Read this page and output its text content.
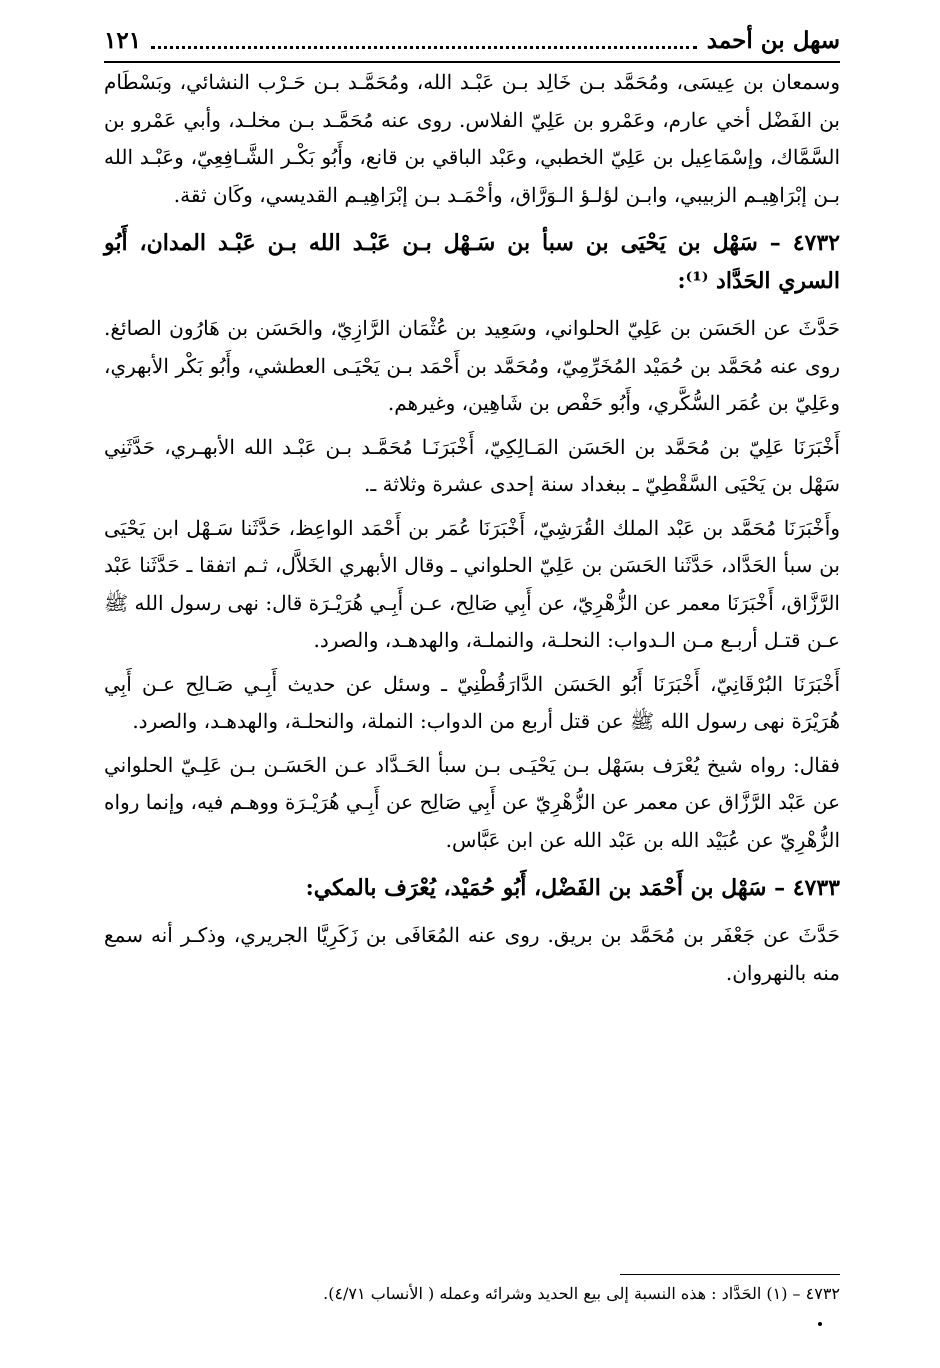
سهل بن أحمد
١٢١

وسمعان بن عِيسَى، ومُحَمَّد بـن خَالِد بـن عَبْـد الله، ومُحَمَّـد بـن حَـرْب النشائي، وبَسْطَام بن الفَضْل أخي عارم، وعَمْرو بن عَلِيّ الفلاس. روى عنه مُحَمَّـد بـن مخلـد، وأبي عَمْرو بن السَّمَّاك، وإسْمَاعِيل بن عَلِيّ الخطبي، وعَبْد الباقي بن قانع، وأَبُو بَكْـر الشَّـافِعِيّ، وعَبْـد الله بـن إبْرَاهِيـم الزبيبي، وابـن لؤلـؤ الـوَرَّاق، وأحْمَـد بـن إبْرَاهِيـم القديسي، وكَان ثقة.

٤٧٣٢ – سَهْل بن يَحْيَى بن سبأ بن سَـهْل بـن عَبْـد الله بـن عَبْـد المدان، أَبُو السري الحَدَّاد ⁽¹⁾:

حَدَّثَ عن الحَسَن بن عَلِيّ الحلواني، وسَعِيد بن عُثْمَان الرَّازِيّ، والحَسَن بن هَارُون الصائغ. روى عنه مُحَمَّد بن حُمَيْد المُخَرِّمِيّ، ومُحَمَّد بن أَحْمَد بـن يَحْيَـى العطشي، وأَبُو بَكْر الأبهري، وعَلِيّ بن عُمَر السُّكَّري، وأَبُو حَفْص بن شَاهِين، وغيرهم.

أَخْبَرَنَا عَلِيّ بن مُحَمَّد بن الحَسَن المَـالِكِيّ، أَخْبَرَنَـا مُحَمَّـد بـن عَبْـد الله الأبهـري، حَدَّثَنِي سَهْل بن يَحْيَى السَّقْطِيّ ـ ببغداد سنة إحدى عشرة وثلاثة ـ.

وأَخْبَرَنَا مُحَمَّد بن عَبْد الملك القُرَشِيّ، أَخْبَرَنَا عُمَر بن أَحْمَد الواعِظ، حَدَّثَنا سَـهْل ابن يَحْيَى بن سبأ الحَدَّاد، حَدَّثَنا الحَسَن بن عَلِيّ الحلواني ـ وقال الأبهري الخَلاَّل، ثـم اتفقا ـ حَدَّثَنا عَبْد الرَّزَّاق، أَخْبَرَنَا معمر عن الزُّهْرِيّ، عن أَبِي صَالِح، عـن أَبِـي هُرَيْـرَة قال: نهى رسول الله ﷺ عـن قتـل أربـع مـن الـدواب: النحلـة، والنملـة، والهدهـد، والصرد.

أَخْبَرَنَا البُرْقَانِيّ، أَخْبَرَنَا أَبُو الحَسَن الدَّارَقُطْنِيّ ـ وسئل عن حديث أَبِـي صَـالِح عـن أَبِي هُرَيْرَة نهى رسول الله ﷺ عن قتل أربع من الدواب: النملة، والنحلـة، والهدهـد، والصرد.

فقال: رواه شيخ يُعْرَف بسَهْل بـن يَحْيَـى بـن سبأ الحَـدَّاد عـن الحَسَـن بـن عَلِـيّ الحلواني عن عَبْد الرَّزَّاق عن معمر عن الزُّهْرِيّ عن أَبِي صَالِح عن أَبِـي هُرَيْـرَة ووهـم فيه، وإنما رواه الزُّهْرِيّ عن عُبَيْد الله بن عَبْد الله عن ابن عَبَّاس.

٤٧٣٣ – سَهْل بن أَحْمَد بن الفَضْل، أَبُو حُمَيْد، يُعْرَف بالمكي:

حَدَّثَ عن جَعْفَر بن مُحَمَّد بن بريق. روى عنه المُعَافَى بن زَكَرِيَّا الجريري، وذكـر أنه سمع منه بالنهروان.

٤٧٣٢ – (١) الحَدَّاد : هذه النسبة إلى بيع الحديد وشرائه وعمله ( الأنساب ٤/٧١).
